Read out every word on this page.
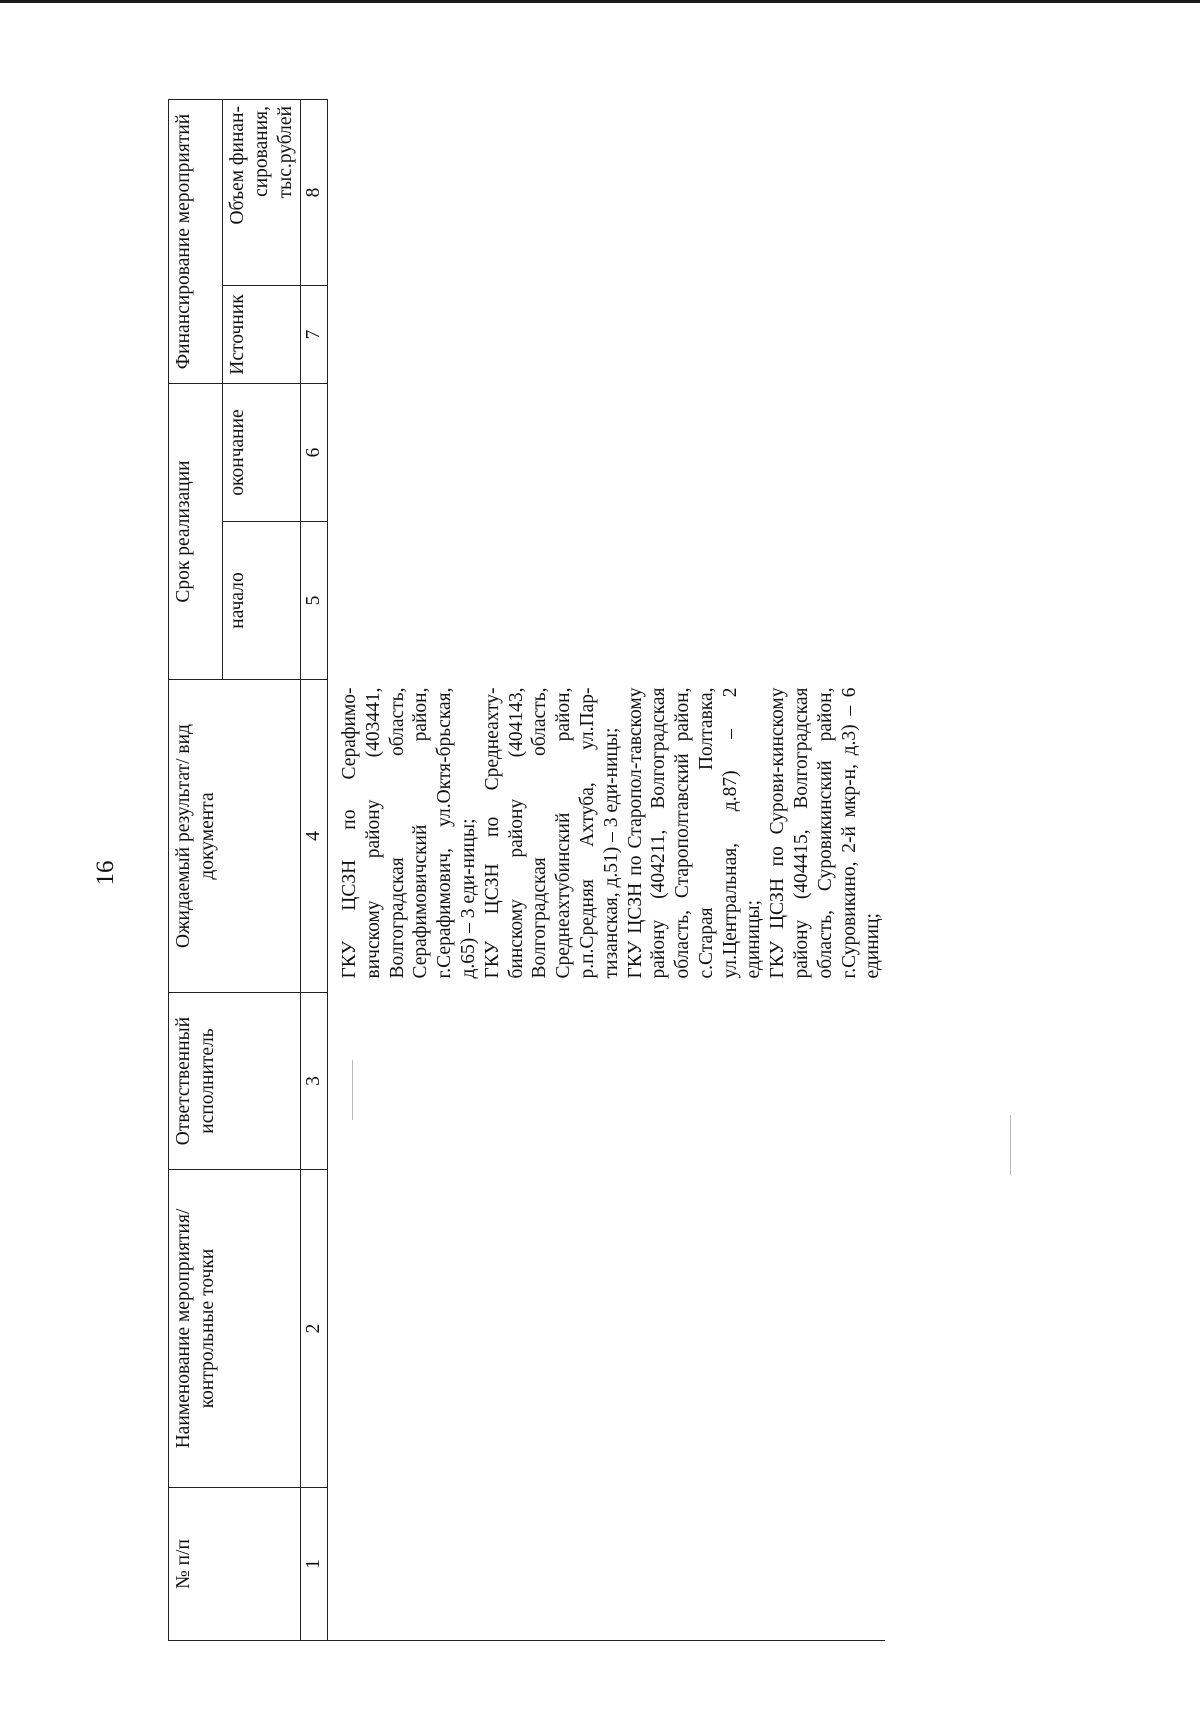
16
№ п/п	Наименование мероприятия/ контрольные точки	Ответственный исполнитель	Ожидаемый результат/ вид документа	Срок реализации		Финансирование мероприятий	
				начало	окончание	Источник	Объем финан-сирования, тыс.рублей
1	2	3	4	5	6	7	8

			ГКУ ЦСЗН по Серафимо-вичскому району (403441, Волгоградская область, Серафимовичский район, г.Серафимович, ул.Октя-брьская, д.65) – 3 еди-ницы; ГКУ ЦСЗН по Среднеахту-бинскому району (404143, Волгоградская область, Среднеахтубинский район, р.п.Средняя Ахтуба, ул.Пар-тизанская, д.51) – 3 еди-ницы; ГКУ ЦСЗН по Старопол-тавскому району (404211, Волгоградская область, Старополтавский район, с.Старая Полтавка, ул.Центральная, д.87) – 2 единицы; ГКУ ЦСЗН по Сурови-кинскому району (404415, Волгоградская область, Суровикинский район, г.Суровикино, 2-й мкр-н, д.3) – 6 единиц;				
